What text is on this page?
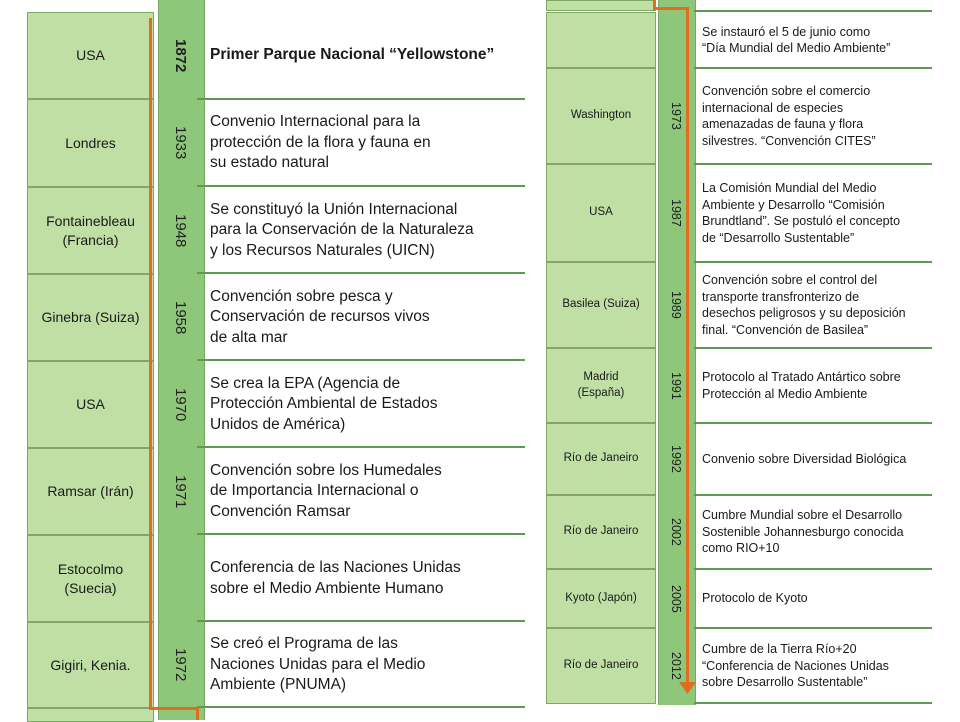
USA	1872	Primer Parque Nacional “Yellowstone”
Londres	1933
Convenio Internacional para la
protección de la flora y fauna en
su estado natural
Fontainebleau
(Francia)	1948
Se constituyó la Unión Internacional
para la Conservación de la Naturaleza
y los Recursos Naturales (UICN)
Ginebra (Suiza)	1958
Convención sobre pesca y
Conservación de recursos vivos
de alta mar
USA	1970
Se crea la EPA (Agencia de
Protección Ambiental de Estados
Unidos de América)
Ramsar (Irán)	1971
Convención sobre los Humedales
de Importancia Internacional o
Convención Ramsar
Estocolmo
(Suecia)
Conferencia de las Naciones Unidas
sobre el Medio Ambiente Humano
Gigiri, Kenia.	1972
Se creó el Programa de las
Naciones Unidas para el Medio
Ambiente (PNUMA)
Se instauró el 5 de junio como
“Día Mundial del Medio Ambiente”
Washington	1973
Convención sobre el comercio
internacional de especies
amenazadas de fauna y flora
silvestres. “Convención CITES”
USA	1987
La Comisión Mundial del Medio
Ambiente y Desarrollo “Comisión
Brundtland”. Se postuló el concepto
de “Desarrollo Sustentable”
Basilea (Suiza)	1989
Convención sobre el control del
transporte transfronterizo de
desechos peligrosos y su deposición
final. “Convención de Basilea”
Madrid
(España)	1991	Protocolo al Tratado Antártico sobre
Protección al Medio Ambiente
Río de Janeiro	1992	Convenio sobre Diversidad Biológica
Río de Janeiro	2002
Cumbre Mundial sobre el Desarrollo
Sostenible Johannesburgo conocida
como RIO+10
Kyoto (Japón)	2005	Protocolo de Kyoto
Río de Janeiro	2012
Cumbre de la Tierra Río+20
“Conferencia de Naciones Unidas
sobre Desarrollo Sustentable”
